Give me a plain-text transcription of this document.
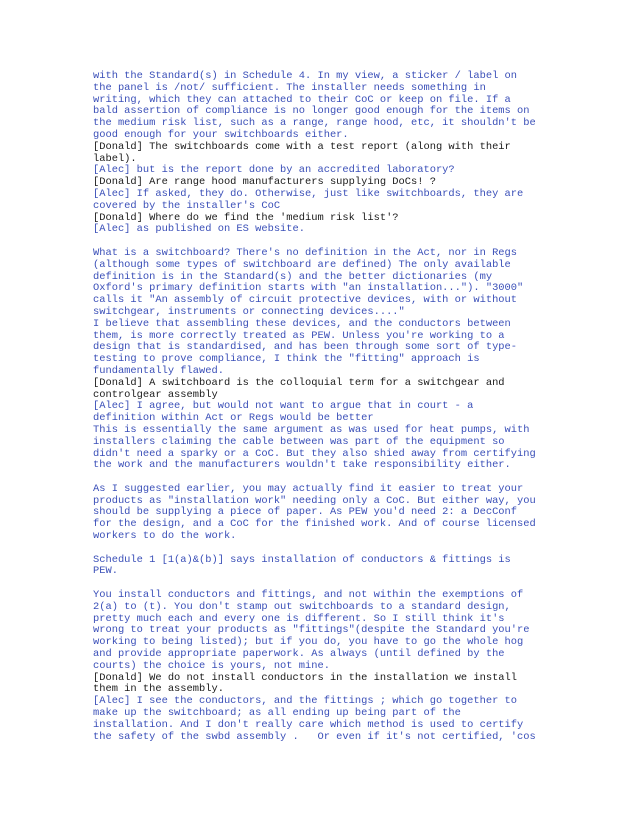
with the Standard(s) in Schedule 4. In my view, a sticker / label on
the panel is /not/ sufficient. The installer needs something in
writing, which they can attached to their CoC or keep on file. If a
bald assertion of compliance is no longer good enough for the items on
the medium risk list, such as a range, range hood, etc, it shouldn't be
good enough for your switchboards either.
[Donald] The switchboards come with a test report (along with their
label).
[Alec] but is the report done by an accredited laboratory?
[Donald] Are range hood manufacturers supplying DoCs! ?
[Alec] If asked, they do. Otherwise, just like switchboards, they are
covered by the installer's CoC
[Donald] Where do we find the 'medium risk list'?
[Alec] as published on ES website.
What is a switchboard? There's no definition in the Act, nor in Regs
(although some types of switchboard are defined) The only available
definition is in the Standard(s) and the better dictionaries (my
Oxford's primary definition starts with "an installation..."). "3000"
calls it "An assembly of circuit protective devices, with or without
switchgear, instruments or connecting devices...."
I believe that assembling these devices, and the conductors between
them, is more correctly treated as PEW. Unless you're working to a
design that is standardised, and has been through some sort of type-
testing to prove compliance, I think the "fitting" approach is
fundamentally flawed.
[Donald] A switchboard is the colloquial term for a switchgear and
controlgear assembly
[Alec] I agree, but would not want to argue that in court - a
definition within Act or Regs would be better
This is essentially the same argument as was used for heat pumps, with
installers claiming the cable between was part of the equipment so
didn't need a sparky or a CoC. But they also shied away from certifying
the work and the manufacturers wouldn't take responsibility either.
As I suggested earlier, you may actually find it easier to treat your
products as "installation work" needing only a CoC. But either way, you
should be supplying a piece of paper. As PEW you'd need 2: a DecConf
for the design, and a CoC for the finished work. And of course licensed
workers to do the work.
Schedule 1 [1(a)&(b)] says installation of conductors & fittings is
PEW.
You install conductors and fittings, and not within the exemptions of
2(a) to (t). You don't stamp out switchboards to a standard design,
pretty much each and every one is different. So I still think it's
wrong to treat your products as "fittings"(despite the Standard you're
working to being listed); but if you do, you have to go the whole hog
and provide appropriate paperwork. As always (until defined by the
courts) the choice is yours, not mine.
[Donald] We do not install conductors in the installation we install
them in the assembly.
[Alec] I see the conductors, and the fittings ; which go together to
make up the switchboard; as all ending up being part of the
installation. And I don't really care which method is used to certify
the safety of the swbd assembly .   Or even if it's not certified, 'cos
